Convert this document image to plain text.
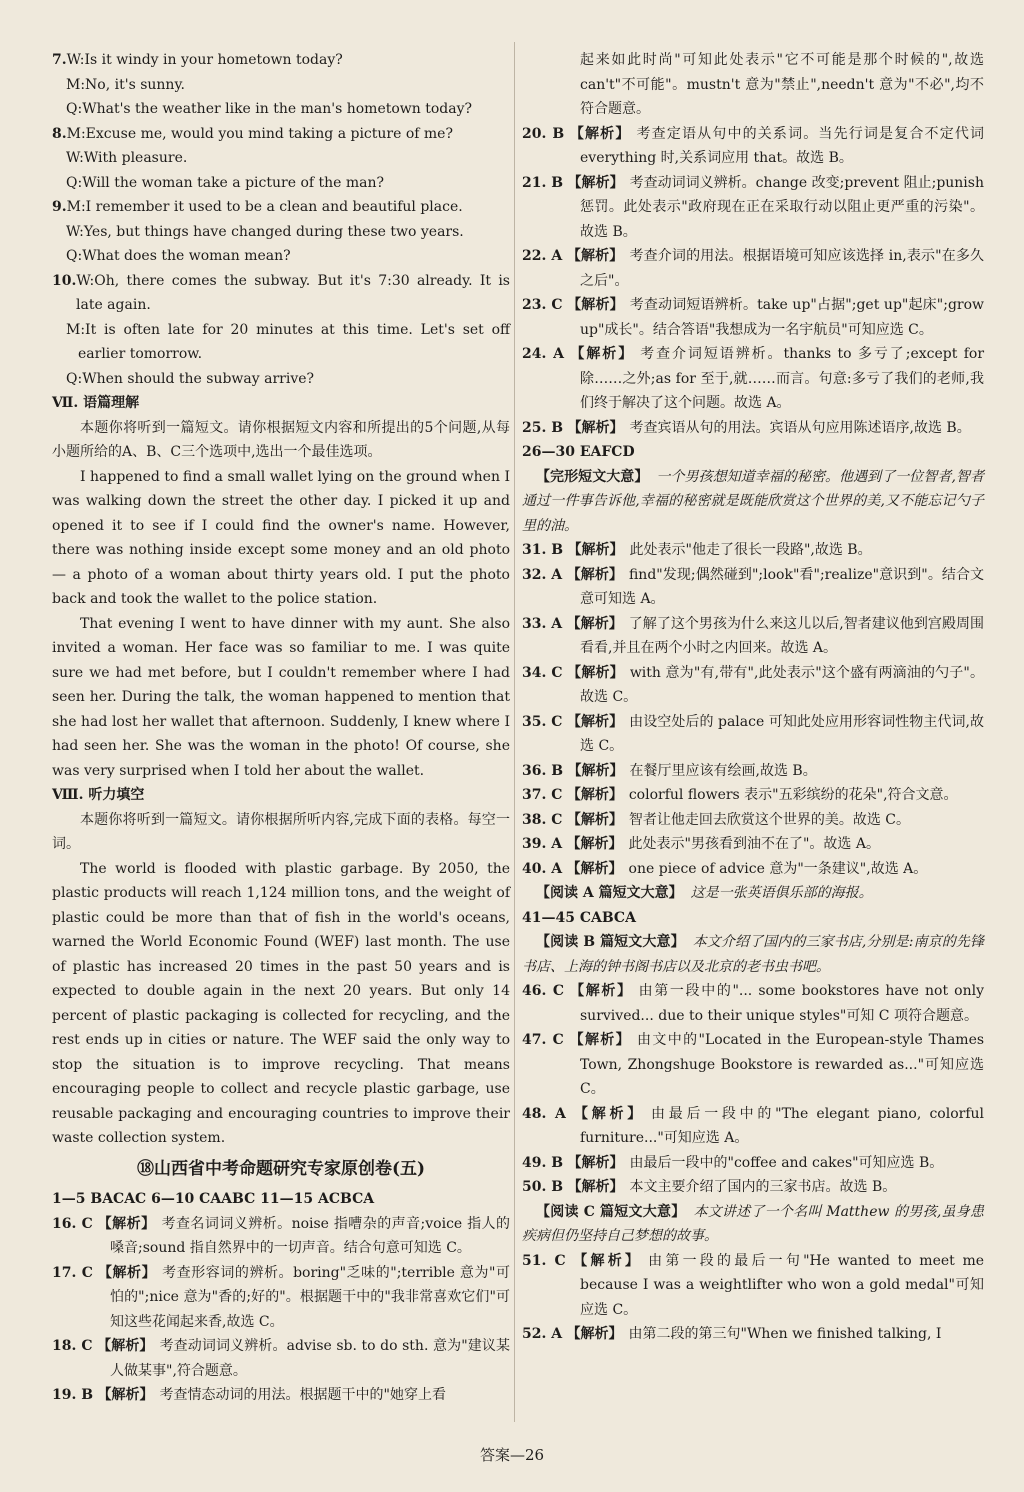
7.W:Is it windy in your hometown today?
M:No, it's sunny.
Q:What's the weather like in the man's hometown today?
8.M:Excuse me, would you mind taking a picture of me?
W:With pleasure.
Q:Will the woman take a picture of the man?
9.M:I remember it used to be a clean and beautiful place.
W:Yes, but things have changed during these two years.
Q:What does the woman mean?
10.W:Oh, there comes the subway. But it's 7:30 already. It is late again.
M:It is often late for 20 minutes at this time. Let's set off earlier tomorrow.
Q:When should the subway arrive?
Ⅶ. 语篇理解
本题你将听到一篇短文。请你根据短文内容和所提出的5个问题,从每小题所给的A、B、C三个选项中,选出一个最佳选项。
I happened to find a small wallet lying on the ground when I was walking down the street the other day. I picked it up and opened it to see if I could find the owner's name. However, there was nothing inside except some money and an old photo — a photo of a woman about thirty years old. I put the photo back and took the wallet to the police station.
That evening I went to have dinner with my aunt. She also invited a woman. Her face was so familiar to me. I was quite sure we had met before, but I couldn't remember where I had seen her. During the talk, the woman happened to mention that she had lost her wallet that afternoon. Suddenly, I knew where I had seen her. She was the woman in the photo! Of course, she was very surprised when I told her about the wallet.
Ⅷ. 听力填空
本题你将听到一篇短文。请你根据所听内容,完成下面的表格。每空一词。
The world is flooded with plastic garbage. By 2050, the plastic products will reach 1,124 million tons, and the weight of plastic could be more than that of fish in the world's oceans, warned the World Economic Found (WEF) last month. The use of plastic has increased 20 times in the past 50 years and is expected to double again in the next 20 years. But only 14 percent of plastic packaging is collected for recycling, and the rest ends up in cities or nature. The WEF said the only way to stop the situation is to improve recycling. That means encouraging people to collect and recycle plastic garbage, use reusable packaging and encouraging countries to improve their waste collection system.
⑱山西省中考命题研究专家原创卷(五)
1—5 BACAC 6—10 CAABC 11—15 ACBCA
16. C 【解析】 考查名词词义辨析。noise 指嘈杂的声音;voice 指人的嗓音;sound 指自然界中的一切声音。结合句意可知选 C。
17. C 【解析】 考查形容词的辨析。boring"乏味的";terrible 意为"可怕的";nice 意为"香的;好的"。根据题干中的"我非常喜欢它们"可知这些花闻起来香,故选 C。
18. C 【解析】 考查动词词义辨析。advise sb. to do sth. 意为"建议某人做某事",符合题意。
19. B 【解析】 考查情态动词的用法。根据题干中的"她穿上看
起来如此时尚"可知此处表示"它不可能是那个时候的",故选 can't"不可能"。mustn't 意为"禁止",needn't 意为"不必",均不符合题意。
20. B 【解析】 考查定语从句中的关系词。当先行词是复合不定代词 everything 时,关系词应用 that。故选 B。
21. B 【解析】 考查动词词义辨析。change 改变;prevent 阻止;punish 惩罚。此处表示"政府现在正在采取行动以阻止更严重的污染"。故选 B。
22. A 【解析】 考查介词的用法。根据语境可知应该选择 in,表示"在多久之后"。
23. C 【解析】 考查动词短语辨析。take up"占据";get up"起床";grow up"成长"。结合答语"我想成为一名宇航员"可知应选 C。
24. A 【解析】 考查介词短语辨析。thanks to 多亏了;except for 除……之外;as for 至于,就……而言。句意:多亏了我们的老师,我们终于解决了这个问题。故选 A。
25. B 【解析】 考查宾语从句的用法。宾语从句应用陈述语序,故选 B。
26—30 EAFCD
【完形短文大意】 一个男孩想知道幸福的秘密。他遇到了一位智者,智者通过一件事告诉他,幸福的秘密就是既能欣赏这个世界的美,又不能忘记勺子里的油。
31. B 【解析】 此处表示"他走了很长一段路",故选 B。
32. A 【解析】 find"发现;偶然碰到";look"看";realize"意识到"。结合文意可知选 A。
33. A 【解析】 了解了这个男孩为什么来这儿以后,智者建议他到宫殿周围看看,并且在两个小时之内回来。故选 A。
34. C 【解析】 with 意为"有,带有",此处表示"这个盛有两滴油的勺子"。故选 C。
35. C 【解析】 由设空处后的 palace 可知此处应用形容词性物主代词,故选 C。
36. B 【解析】 在餐厅里应该有绘画,故选 B。
37. C 【解析】 colorful flowers 表示"五彩缤纷的花朵",符合文意。
38. C 【解析】 智者让他走回去欣赏这个世界的美。故选 C。
39. A 【解析】 此处表示"男孩看到油不在了"。故选 A。
40. A 【解析】 one piece of advice 意为"一条建议",故选 A。
【阅读 A 篇短文大意】 这是一张英语俱乐部的海报。
41—45 CABCA
【阅读 B 篇短文大意】 本文介绍了国内的三家书店,分别是:南京的先锋书店、上海的钟书阁书店以及北京的老书虫书吧。
46. C 【解析】 由第一段中的"... some bookstores have not only survived... due to their unique styles"可知 C 项符合题意。
47. C 【解析】 由文中的"Located in the European-style Thames Town, Zhongshuge Bookstore is rewarded as..."可知应选 C。
48. A 【解析】 由最后一段中的"The elegant piano, colorful furniture..."可知应选 A。
49. B 【解析】 由最后一段中的"coffee and cakes"可知应选 B。
50. B 【解析】 本文主要介绍了国内的三家书店。故选 B。
【阅读 C 篇短文大意】 本文讲述了一个名叫 Matthew 的男孩,虽身患疾病但仍坚持自己梦想的故事。
51. C 【解析】 由第一段的最后一句"He wanted to meet me because I was a weightlifter who won a gold medal"可知应选 C。
52. A 【解析】 由第二段的第三句"When we finished talking, I
答案—26
